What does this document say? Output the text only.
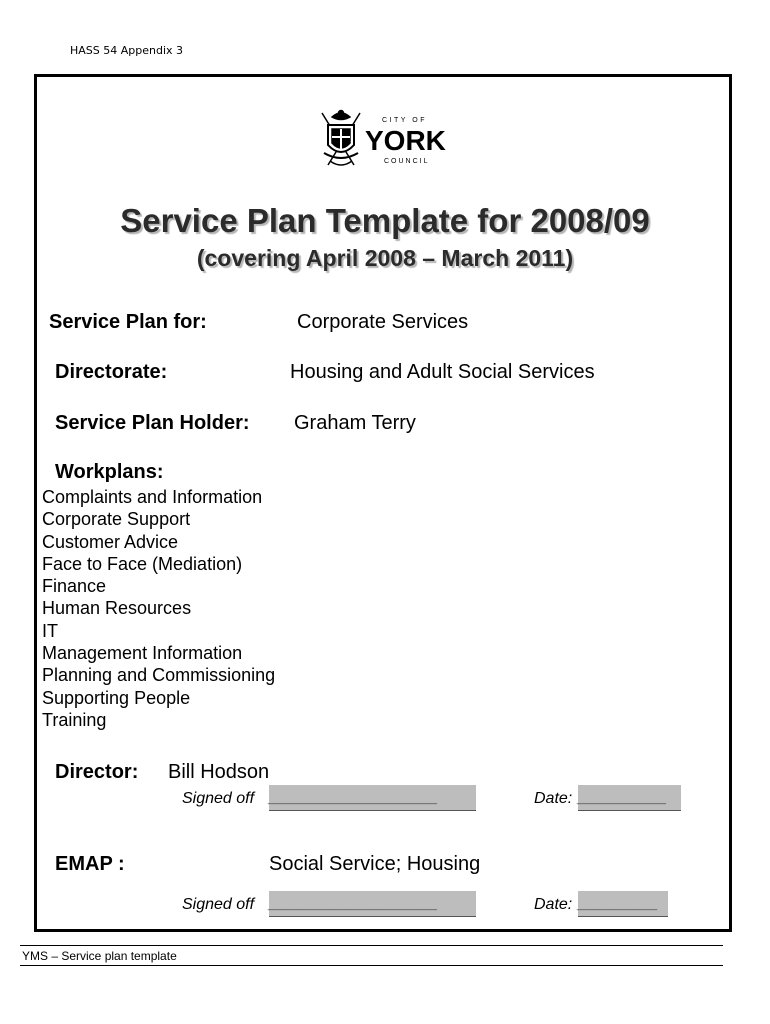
HASS 54 Appendix 3
CITY OF
YORK
COUNCIL
Service Plan Template for 2008/09
(covering April 2008 – March 2011)
Service Plan for:	Corporate Services
Directorate:	Housing and Adult Social Services
Service Plan Holder: Graham Terry
Workplans:
Complaints and Information
Corporate Support
Customer Advice
Face to Face (Mediation)
Finance
Human Resources
IT
Management Information
Planning and Commissioning
Supporting People
Training
Director: Bill Hodson
Signed off ___________________	Date: __________
EMAP :	Social Service; Housing
Signed off ___________________	Date: _________
YMS – Service plan template
